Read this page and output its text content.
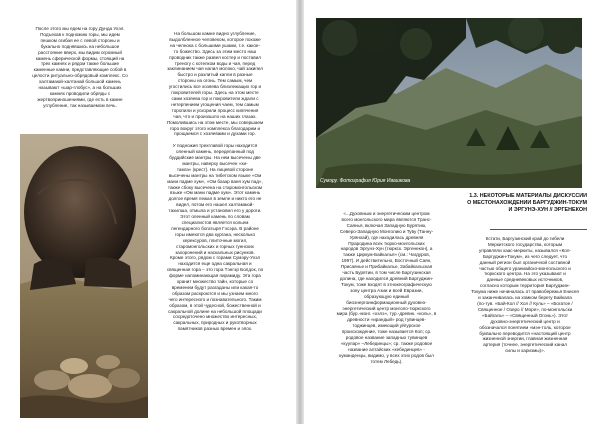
После этого мы едем на гору Дунда Ухэл.
Подъехав к подножию горы, мы идем
пешком огибая ее с левой стороны и
букально поднявшись на небольшое
расстояние вверх, мы видим огромный
камень сферической формы, стоящий на
трех камнях и рядом также большие
каменные камни, представляющие собой в
целости ритуально-обрядовый комплекс. Со
халтамаюй-халтанай большой камень
называют «шар-глобус», а на больших
камнях проводили обряды с
жертвоприношениями, где есть в камне
углубление, так называемом печь.

На большом камне видно углубление,
выдолбленное человеком, которое похоже
на челнока с большими ушами, т.е. какое-
то божество. Здесь за этим место наш
проводник также развел костер и поставил
треногу с котелком воды и чая, перед
заклинанием чая налил молоко, чай закипел
быстро и разлитый капли в разные
стороны на огонь. Тем самым, чем
угостились все хозяева близлежащих гор и
покровителей горы. Здесь на этом месте
сами хозяева гор и покровители ждали с
нетерпением угощения чаем, тем самым
торопили и ускорили процесс кипячения
чая, что и произошло на наших глазах.
Помолившись на этом месте, мы совершаем
горо вокруг этого комплекса благодарим и
прощаемся с хозяевами и духами гор.

У подножия трехглавой горы находится
оленный камень, переделанный под
буддийские мантры. На нем высечены две
мантры, наверху высечен «хи-
тамга» (крест). На лицевой стороне
высечены мантры на тибетском языке «Ом
мани падме хум», «Ом базар ваня хум пад»,
также сбоку высечена на старомонгольском
языке «Ом мани падме хум». Этот камень
долгое время лежал в земле и никто его не
видел, потом его нашел халтамаюй-
тахилша, отмыла и установил его у дороги.
Этот оленный камень по словам
специалистов является кольем
легендарного богатыря Гэсэра. В районе
горы имеются два кургана, несколько
херексуров, плиточные могил,
старомонгольских и горных гуннских
захоронений и наскальных рисунков.
Кроме этого, рядом с горами Сумэру-Ухэл
находится еще одна сакральная и
священная гора – это гора Тэнгэр Болдок, по
форме напоминающая пирамиду. Эта гора
хранит множество тайн, которые со
временем будут разгаданы или какая-то
образом раскроются и мы узнаем много
чего интересного и познавательного. Таким
образом, в этой чудесной, божественной и
сакральной долине на небольшой площади
сосредоточено множество интересных,
сакральных, природных и рукотворных
памятников разных времен и эпох.

Сумэру. Фотография Юрия Ивашкова

1.3. НЕКОТОРЫЕ МАТЕРИАЛЫ ДИСКУССИИ
О МЕСТОНАХОЖДЕНИИ БАРГУДЖИН-ТОКУМ
И ЭРГУНЭ-ХУН // ЭРГЕНЕКОН

«...Духовным и энергетическим центром
всего монгольского мира являются Транс-
Саянья, включая Западную Бурятию,
Северо-Западную Монголию и Туву (Танну-
Урянхай), где находилась древняя
Прародина всех тюрко-монгольских
народов Эргунэ-Хун (тюркск. Эргенекон), а
также Циркум-Байкалья» (см.: Чагдуров,
1997). И действительно, Восточный Саян,
Присаянье и Прибайкалье, Забайкальская
часть Бурятии, в том числе Баргузинская
долина, где находился древний Баргуджин-
Токум, тоже входят в этнокеографическую
зону центра Азии и всей Евразии,
образующую единый
биоэнергоинформационный духовно-
энергетический центр монголо-тюркского
мира (бур.-монг. «хэлэ», тур.-древнк. «коль», в
древности «ирандый» род тувинцев-
тоджинцев, имеющий уйгурское
происхождение, тоже называется Кол; ср.
родовое название западных тувинцев
«куулар» –Лебединцы»; ср. также родовое
название алтайских «кебединцев» -
куманденцы, видимо, у всех этих родов был
тотем Лебедь).

Кстати, Баргузинский край до гибели
Меркитского государства, которым
управляли хаас-меркиты, назывался «Кол-
Баргуджин-Токум», из чего следует, что
данный регион был органичной составной
частью общего ураниайско-монгольского и
тюркского центра. На это указывают и
данные средневековых источников,
согласно которым территория Баргуджин-
Токума ниже начиналась от правобережья Енисея
и заканчивалась на хомком берегу Байкала
(по-тув. «Бай-Кол // Хол // Куль» – «Богатое /
Священное / Озеро // Море», по-монгольски
«Байгаль» – «Священный Огонь»). Этот
духовно-энергетический центр и
обозначался понятием «мэн-толь, которое
буквально переводится «настоящий центр
жизненной энергии, главная жизненная
артерия (точнее, энергетический канал
силы и харизмы)».
